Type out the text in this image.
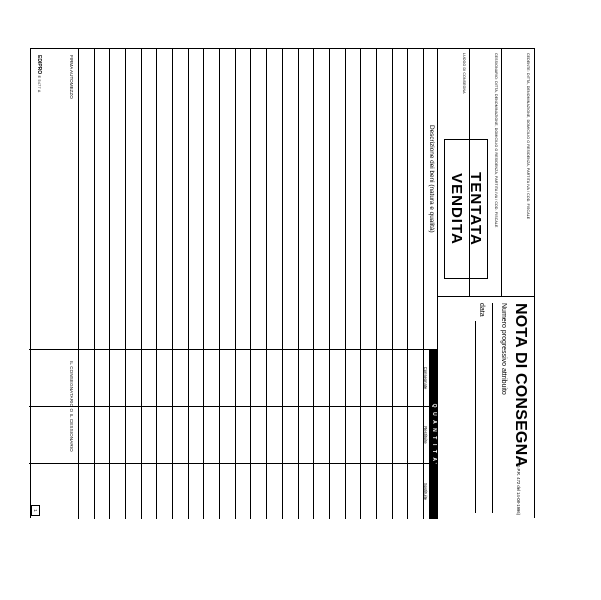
CEDENTE: DITTA, DENOMINAZIONE, DOMICILIO O RESIDENZA, PARTITA IVA / COD. FISCALE
CESSIONARIO: DITTA, DENOMINAZIONE, DOMICILIO O RESIDENZA, PARTITA IVA / COD. FISCALE
LUOGO DI CONSEGNA
NOTA DI CONSEGNA
(D.P.R. 472 del 14-08-1996)
Numero progressivo attribuito
data
TENTATA
VENDITA
Q U A N T I T A'
Consegnate
Restituite
Sostituite
Descrizione dei beni (natura e qualità)
FIRMA AUTOMEZZO
IL CONSEGNATARIO O IL CESSIONARIO
EDIPRO E 5477 A
1
